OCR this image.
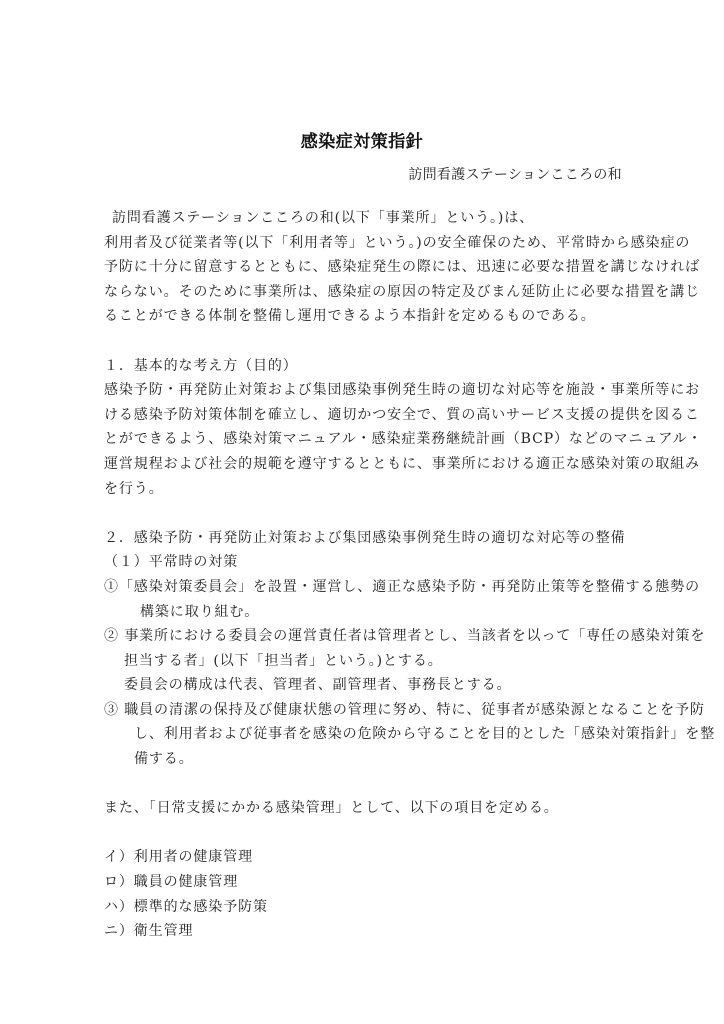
感染症対策指針
訪問看護ステーションこころの和
訪問看護ステーションこころの和(以下「事業所」という。)は、
利用者及び従業者等(以下「利用者等」という。)の安全確保のため、平常時から感染症の
予防に十分に留意するとともに、感染症発生の際には、迅速に必要な措置を講じなければ
ならない。そのために事業所は、感染症の原因の特定及びまん延防止に必要な措置を講じ
ることができる体制を整備し運用できるよう本指針を定めるものである。
１．基本的な考え方（目的）
感染予防・再発防止対策および集団感染事例発生時の適切な対応等を施設・事業所等にお
ける感染予防対策体制を確立し、適切かつ安全で、質の高いサービス支援の提供を図るこ
とができるよう、感染対策マニュアル・感染症業務継続計画（BCP）などのマニュアル・
運営規程および社会的規範を遵守するとともに、事業所における適正な感染対策の取組み
を行う。
２．感染予防・再発防止対策および集団感染事例発生時の適切な対応等の整備
（１）平常時の対策
①「感染対策委員会」を設置・運営し、適正な感染予防・再発防止策等を整備する態勢の
構築に取り組む。
② 事業所における委員会の運営責任者は管理者とし、当該者を以って「専任の感染対策を
担当する者」(以下「担当者」という。)とする。
委員会の構成は代表、管理者、副管理者、事務長とする。
③ 職員の清潔の保持及び健康状態の管理に努め、特に、従事者が感染源となることを予防
し、利用者および従事者を感染の危険から守ることを目的とした「感染対策指針」を整
備する。
また、「日常支援にかかる感染管理」として、以下の項目を定める。
イ）利用者の健康管理
ロ）職員の健康管理
ハ）標準的な感染予防策
ニ）衛生管理
